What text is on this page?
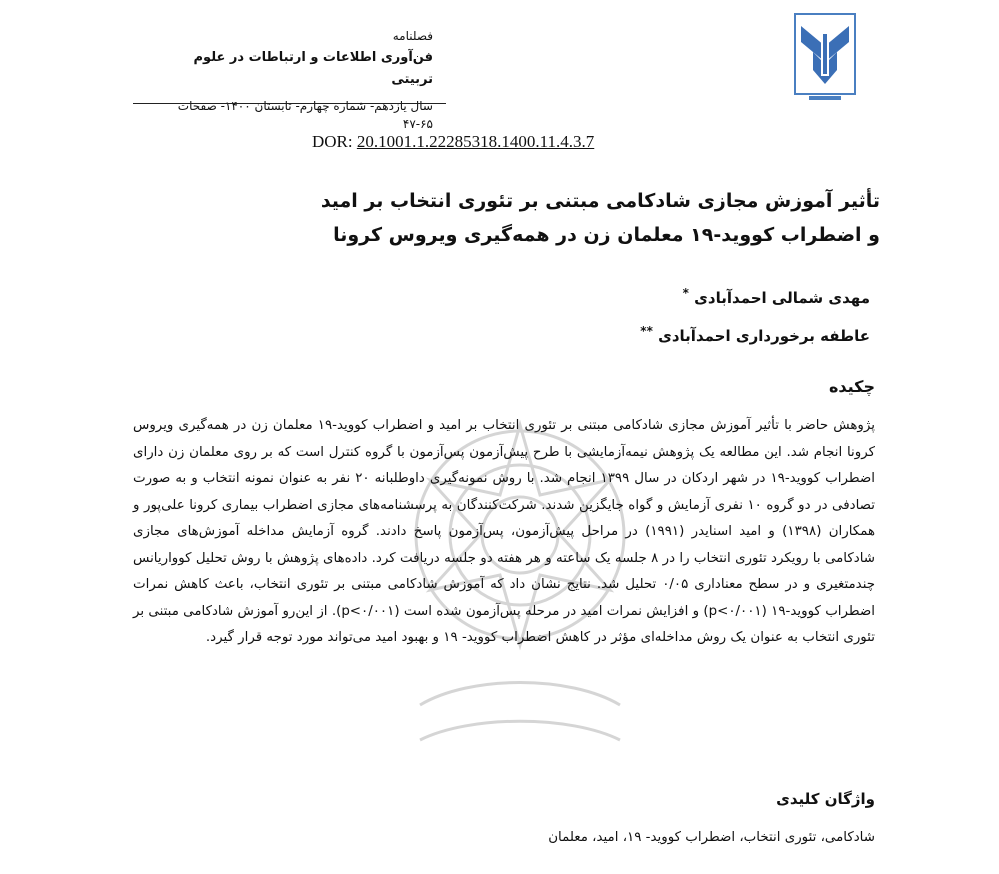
فصلنامه
فن‌آوری اطلاعات و ارتباطات در علوم تربیتی
سال یازدهم- شماره چهارم- تابستان ۱۴۰۰- صفحات ۶۵-۴۷
DOR: 20.1001.1.22285318.1400.11.4.3.7
تأثیر آموزش مجازی شادکامی مبتنی بر تئوری انتخاب بر امید
و اضطراب کووید-۱۹ معلمان زن در همه‌گیری ویروس کرونا
مهدی شمالی احمدآبادی *
عاطفه برخورداری احمدآبادی **
چکیده
پژوهش حاضر با تأثیر آموزش مجازی شادکامی مبتنی بر تئوری انتخاب بر امید و اضطراب کووید-۱۹ معلمان زن در همه‌گیری ویروس کرونا انجام شد. این مطالعه یک پژوهش نیمه‌آزمایشی با طرح پیش‌آزمون پس‌آزمون با گروه کنترل است که بر روی معلمان زن دارای اضطراب کووید-۱۹ در شهر اردکان در سال ۱۳۹۹ انجام شد. با روش نمونه‌گیری داوطلبانه ۲۰ نفر به عنوان نمونه انتخاب و به صورت تصادفی در دو گروه ۱۰ نفری آزمایش و گواه جایگزین شدند. شرکت‌کنندگان به پرسشنامه‌های مجازی اضطراب بیماری کرونا علی‌پور و همکاران (۱۳۹۸) و امید اسنایدر (۱۹۹۱) در مراحل پیش‌آزمون، پس‌آزمون پاسخ دادند. گروه آزمایش مداخله آموزش‌های مجازی شادکامی با رویکرد تئوری انتخاب را در ۸ جلسه یک ساعته و هر هفته دو جلسه دریافت کرد. داده‌های پژوهش با روش تحلیل کوواریانس چندمتغیری و در سطح معناداری ۰/۰۵ تحلیل شد. نتایج نشان داد که آموزش شادکامی مبتنی بر تئوری انتخاب، باعث کاهش نمرات اضطراب کووید-۱۹ (p<۰/۰۰۱) و افزایش نمرات امید در مرحله پس‌آزمون شده است (p<۰/۰۰۱). از این‌رو آموزش شادکامی مبتنی بر تئوری انتخاب به عنوان یک روش مداخله‌ای مؤثر در کاهش اضطراب کووید- ۱۹ و بهبود امید می‌تواند مورد توجه قرار گیرد.
واژگان کلیدی
شادکامی، تئوری انتخاب، اضطراب کووید- ۱۹، امید، معلمان
